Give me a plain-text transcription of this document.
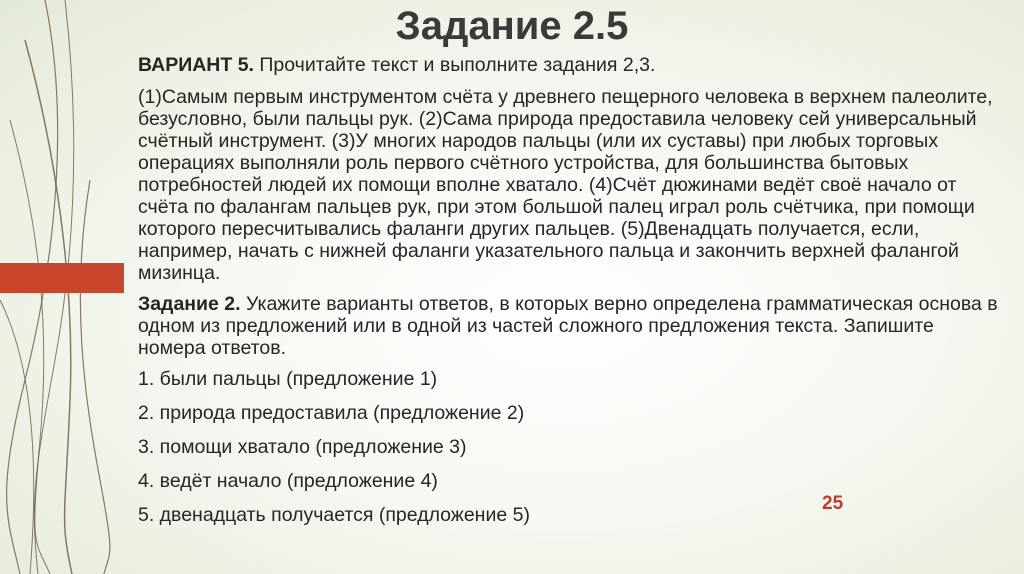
Задание 2.5

ВАРИАНТ 5. Прочитайте текст и выполните задания 2,3.

(1)Самым первым инструментом счёта у древнего пещерного человека в верхнем палеолите, безусловно, были пальцы рук. (2)Сама природа предоставила человеку сей универсальный счётный инструмент. (3)У многих народов пальцы (или их суставы) при любых торговых операциях выполняли роль первого счётного устройства, для большинства бытовых потребностей людей их помощи вполне хватало. (4)Счёт дюжинами ведёт своё начало от счёта по фалангам пальцев рук, при этом большой палец играл роль счётчика, при помощи которого пересчитывались фаланги других пальцев. (5)Двенадцать получается, если, например, начать с нижней фаланги указательного пальца и закончить верхней фалангой мизинца.

Задание 2. Укажите варианты ответов, в которых верно определена грамматическая основа в одном из предложений или в одной из частей сложного предложения текста. Запишите номера ответов.

1. были пальцы (предложение 1)

2. природа предоставила (предложение 2)

3. помощи хватало (предложение 3)

4. ведёт начало (предложение 4)

5. двенадцать получается (предложение 5)

25
